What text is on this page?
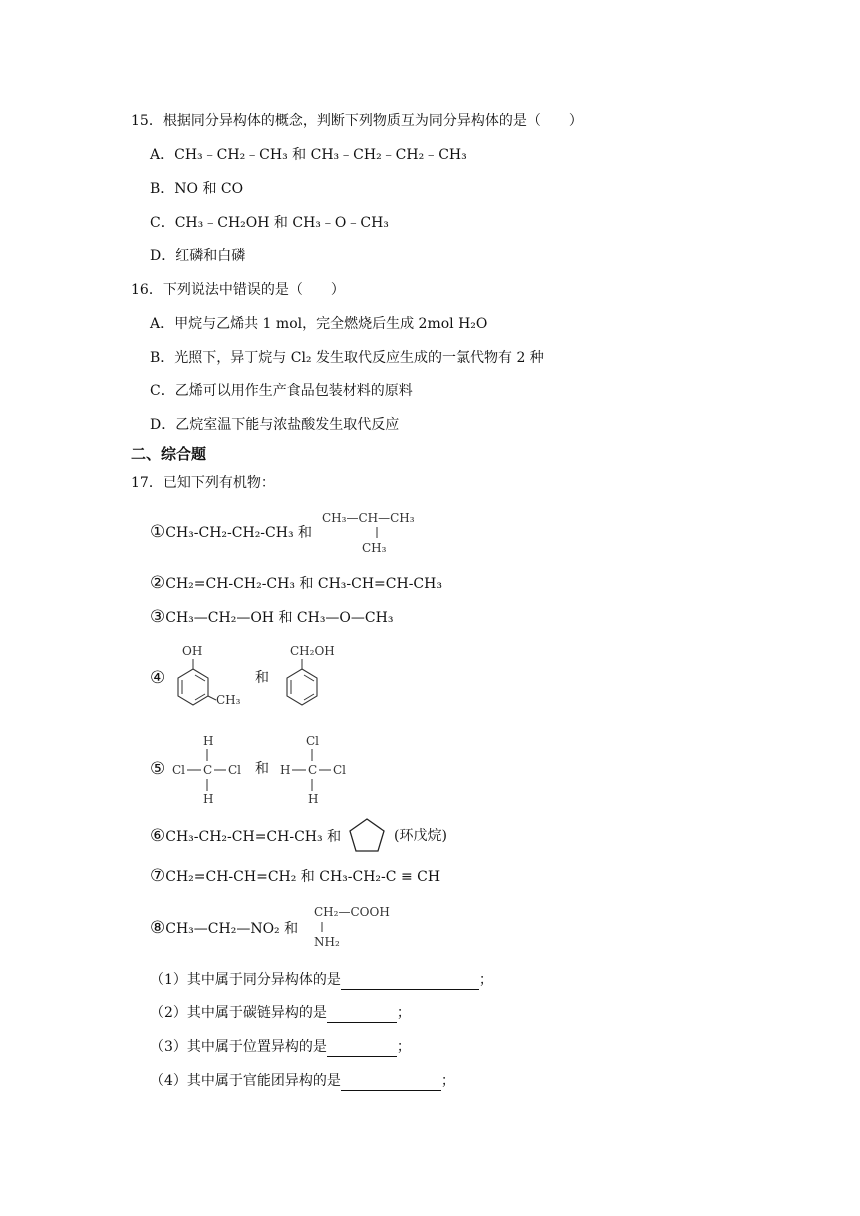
15．根据同分异构体的概念，判断下列物质互为同分异构体的是（　　）
A．CH₃﹣CH₂﹣CH₃ 和 CH₃﹣CH₂﹣CH₂﹣CH₃
B．NO 和 CO
C．CH₃﹣CH₂OH 和 CH₃﹣O﹣CH₃
D．红磷和白磷
16．下列说法中错误的是（　　）
A．甲烷与乙烯共 1 mol，完全燃烧后生成 2mol H₂O
B．光照下，异丁烷与 Cl₂ 发生取代反应生成的一氯代物有 2 种
C．乙烯可以用作生产食品包装材料的原料
D．乙烷室温下能与浓盐酸发生取代反应
二、综合题
17．已知下列有机物：
①CH₃-CH₂-CH₂-CH₃ 和
CH₃—CH—CH₃
CH₃
②CH₂=CH-CH₂-CH₃ 和 CH₃-CH=CH-CH₃
③CH₃—CH₂—OH 和 CH₃—O—CH₃
④
OH
CH₃
和
CH₂OH
⑤
H
Cl C Cl
H
和
Cl
H C Cl
H
⑥CH₃-CH₂-CH=CH-CH₃ 和	(环戊烷)
⑦CH₂=CH-CH=CH₂ 和 CH₃-CH₂-C ≡ CH
⑧CH₃—CH₂—NO₂ 和
CH₂—COOH
NH₂
（1）其中属于同分异构体的是	；
（2）其中属于碳链异构的是	；
（3）其中属于位置异构的是	；
（4）其中属于官能团异构的是	；
